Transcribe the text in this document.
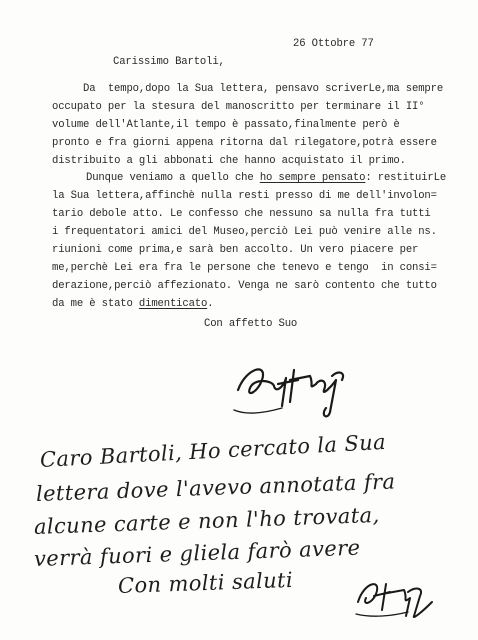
26 Ottobre 77
Carissimo Bartoli,
Da  tempo,dopo la Sua lettera, pensavo scriverLe,ma sempre
occupato per la stesura del manoscritto per terminare il II°
volume dell'Atlante,il tempo è passato,finalmente però è
pronto e fra giorni appena ritorna dal rilegatore,potrà essere
distribuito a gli abbonati che hanno acquistato il primo.
Dunque veniamo a quello che ho sempre pensato: restituirLe
la Sua lettera,affinchè nulla resti presso di me dell'involon=
tario debole atto. Le confesso che nessuno sa nulla fra tutti
i frequentatori amici del Museo,perciò Lei può venire alle ns.
riunioni come prima,e sarà ben accolto. Un vero piacere per
me,perchè Lei era fra le persone che tenevo e tengo  in consi=
derazione,perciò affezionato. Venga ne sarò contento che tutto
da me è stato dimenticato.
Con affetto Suo
Caro Bartoli, Ho cercato la Sua
lettera dove l'avevo annotata fra
alcune carte e non l'ho trovata,
verrà fuori e gliela farò avere
Con molti saluti
